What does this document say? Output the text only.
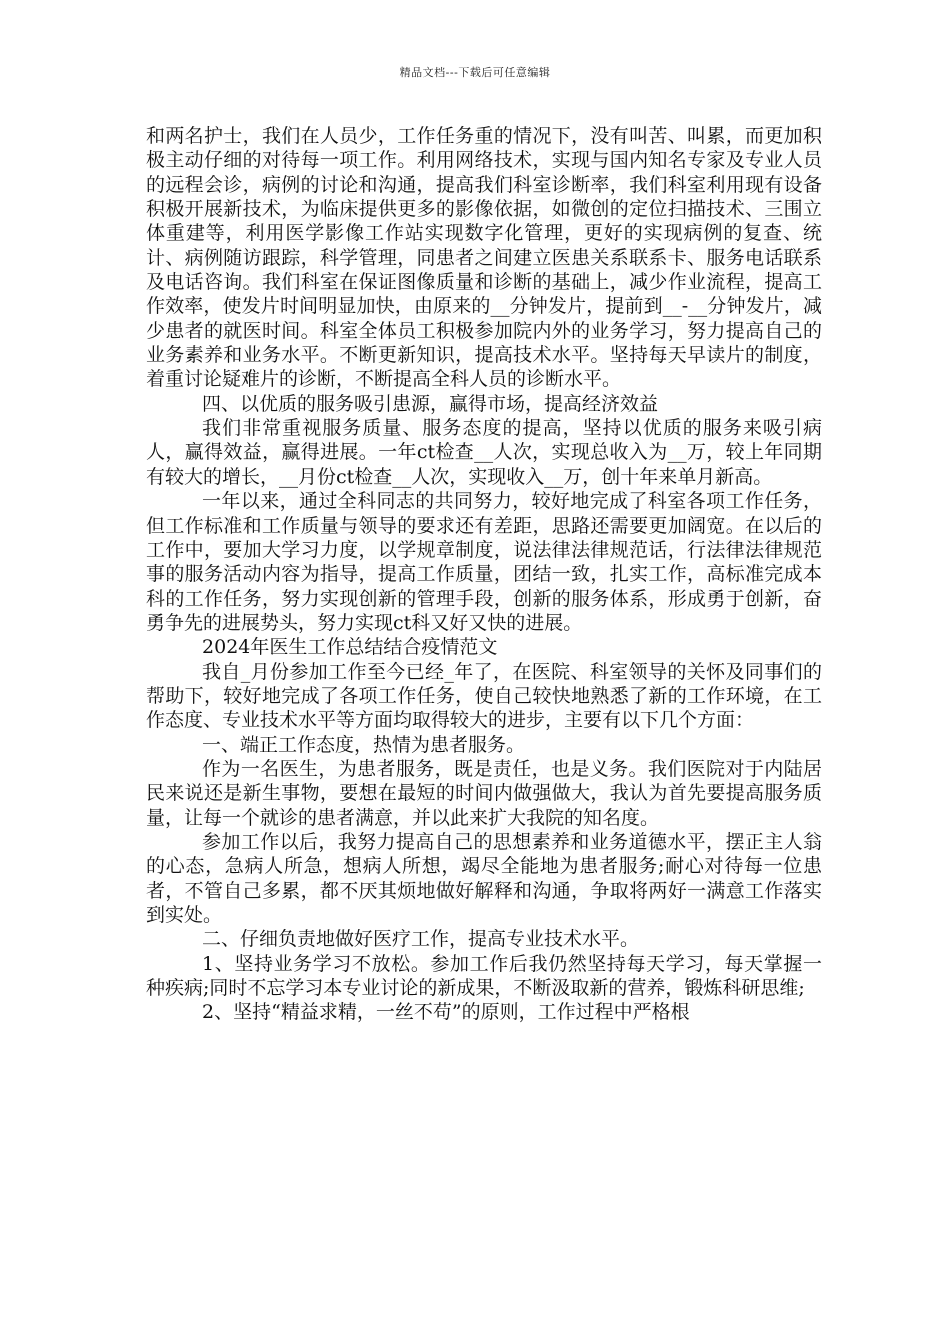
精品文档---下载后可任意编辑

和两名护士，我们在人员少，工作任务重的情况下，没有叫苦、叫累，而更加积极主动仔细的对待每一项工作。利用网络技术，实现与国内知名专家及专业人员的远程会诊，病例的讨论和沟通，提高我们科室诊断率，我们科室利用现有设备积极开展新技术，为临床提供更多的影像依据，如微创的定位扫描技术、三围立体重建等，利用医学影像工作站实现数字化管理，更好的实现病例的复查、统计、病例随访跟踪，科学管理，同患者之间建立医患关系联系卡、服务电话联系及电话咨询。我们科室在保证图像质量和诊断的基础上，减少作业流程，提高工作效率，使发片时间明显加快，由原来的__分钟发片，提前到__-__分钟发片，减少患者的就医时间。科室全体员工积极参加院内外的业务学习，努力提高自己的业务素养和业务水平。不断更新知识，提高技术水平。坚持每天早读片的制度，着重讨论疑难片的诊断，不断提高全科人员的诊断水平。

四、以优质的服务吸引患源，赢得市场，提高经济效益

我们非常重视服务质量、服务态度的提高，坚持以优质的服务来吸引病人，赢得效益，赢得进展。一年ct检查__人次，实现总收入为__万，较上年同期有较大的增长，__月份ct检查__人次，实现收入__万，创十年来单月新高。

一年以来，通过全科同志的共同努力，较好地完成了科室各项工作任务，但工作标准和工作质量与领导的要求还有差距，思路还需要更加阔宽。在以后的工作中，要加大学习力度，以学规章制度，说法律法律规范话，行法律法律规范事的服务活动内容为指导，提高工作质量，团结一致，扎实工作，高标准完成本科的工作任务，努力实现创新的管理手段，创新的服务体系，形成勇于创新，奋勇争先的进展势头，努力实现ct科又好又快的进展。

2024年医生工作总结结合疫情范文

我自_月份参加工作至今已经_年了，在医院、科室领导的关怀及同事们的帮助下，较好地完成了各项工作任务，使自己较快地熟悉了新的工作环境，在工作态度、专业技术水平等方面均取得较大的进步，主要有以下几个方面：

一、端正工作态度，热情为患者服务。

作为一名医生，为患者服务，既是责任，也是义务。我们医院对于内陆居民来说还是新生事物，要想在最短的时间内做强做大，我认为首先要提高服务质量，让每一个就诊的患者满意，并以此来扩大我院的知名度。

参加工作以后，我努力提高自己的思想素养和业务道德水平，摆正主人翁的心态，急病人所急，想病人所想，竭尽全能地为患者服务;耐心对待每一位患者，不管自己多累，都不厌其烦地做好解释和沟通，争取将两好一满意工作落实到实处。

二、仔细负责地做好医疗工作，提高专业技术水平。

1、坚持业务学习不放松。参加工作后我仍然坚持每天学习，每天掌握一种疾病;同时不忘学习本专业讨论的新成果，不断汲取新的营养，锻炼科研思维;

2、坚持“精益求精，一丝不苟”的原则，工作过程中严格根
